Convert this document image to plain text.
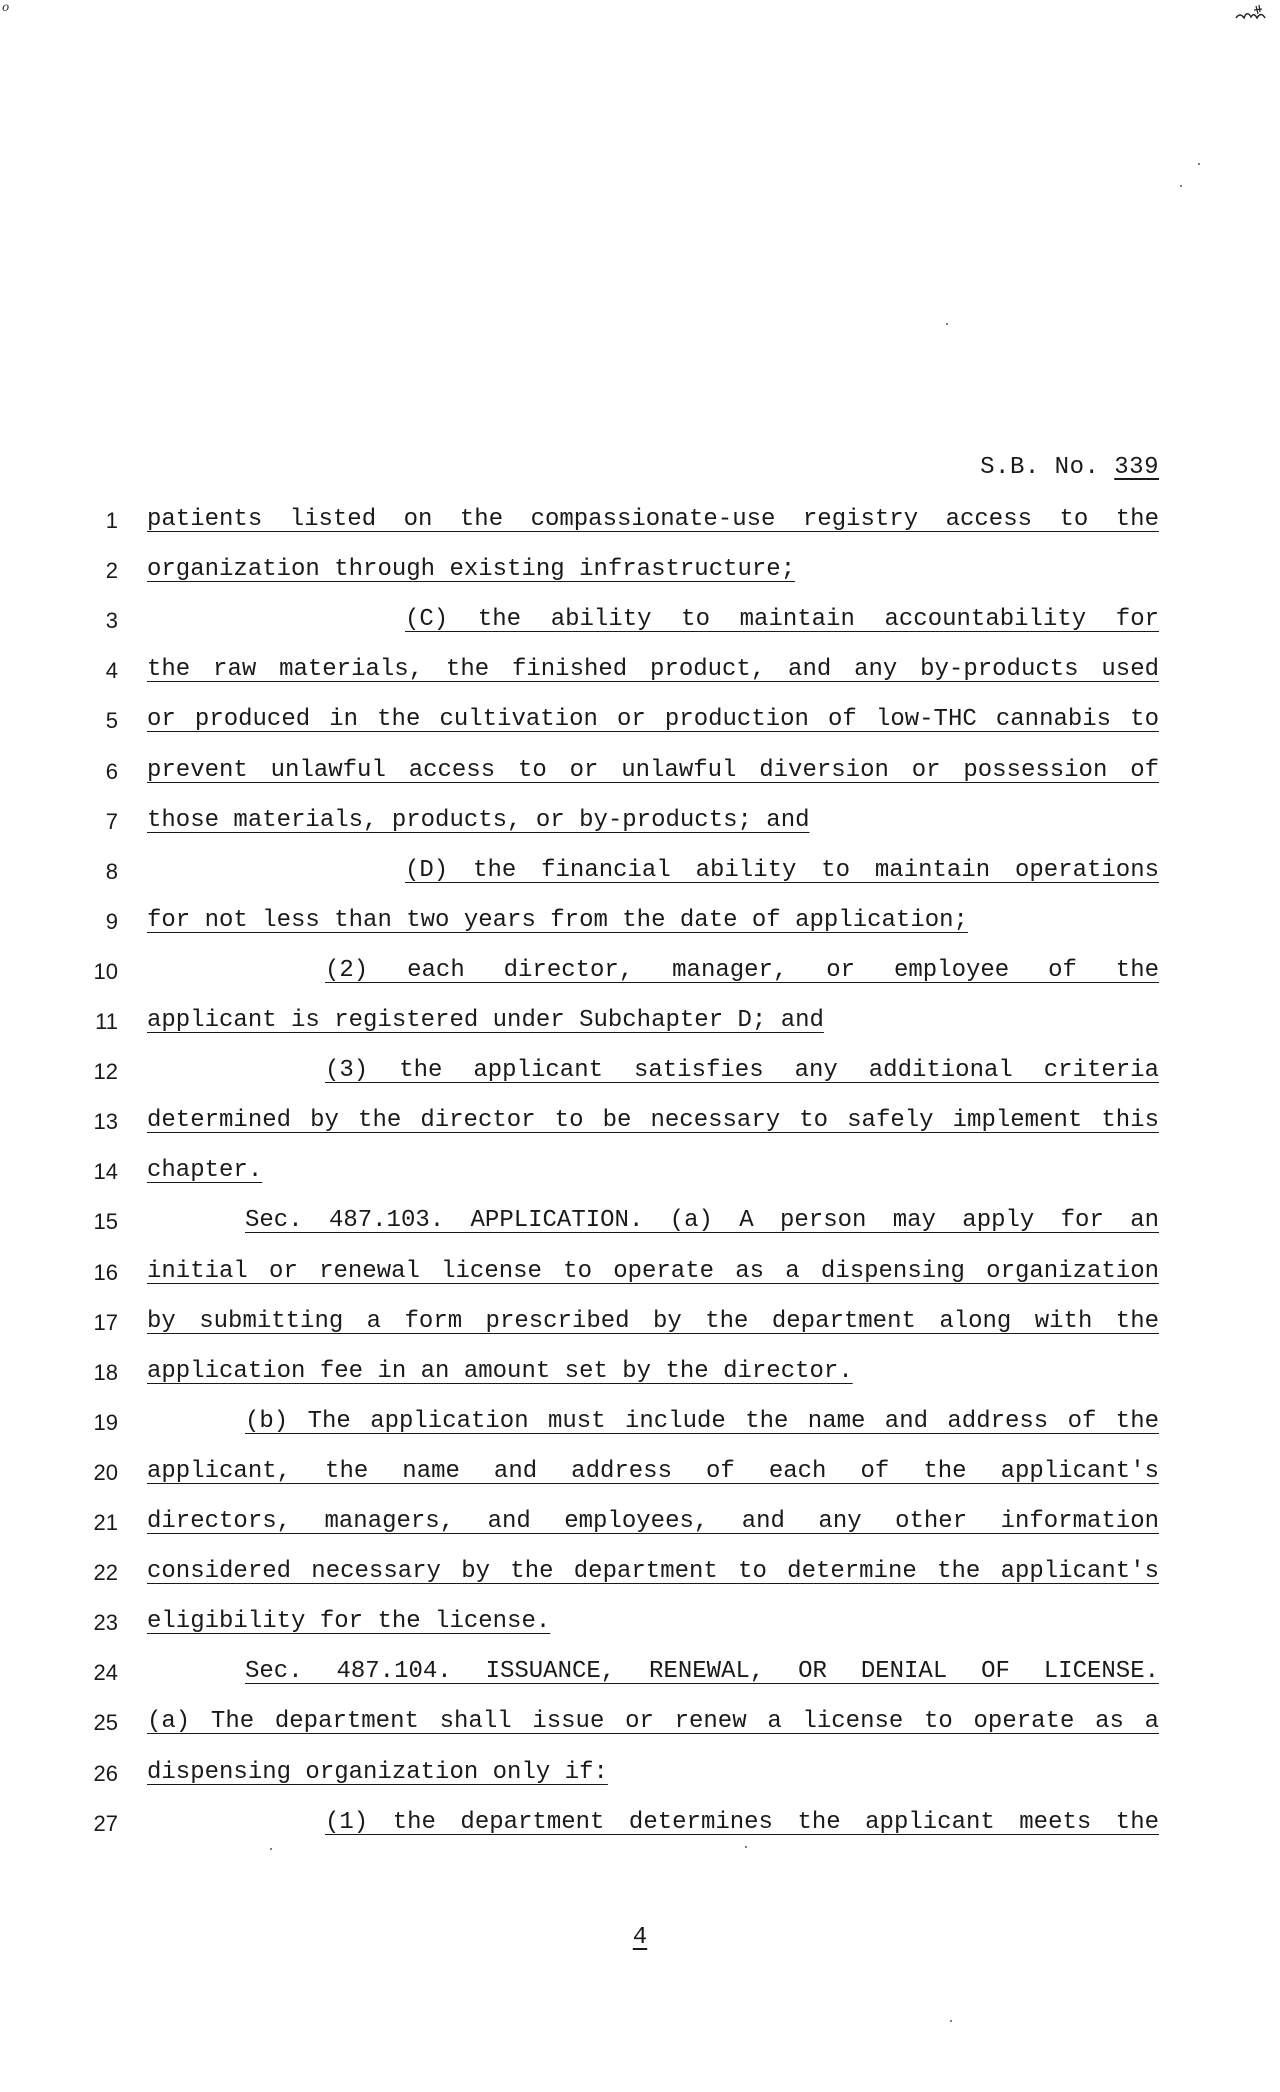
o
S.B. No. 339
1 patients listed on the compassionate-use registry access to the
2 organization through existing infrastructure;
3	(C) the ability to maintain accountability for
4 the raw materials, the finished product, and any by-products used
5 or produced in the cultivation or production of low-THC cannabis to
6 prevent unlawful access to or unlawful diversion or possession of
7 those materials, products, or by-products; and
8	(D) the financial ability to maintain operations
9 for not less than two years from the date of application;
10	(2) each director, manager, or employee of the
11 applicant is registered under Subchapter D; and
12	(3) the applicant satisfies any additional criteria
13 determined by the director to be necessary to safely implement this
14 chapter.
15	Sec. 487.103. APPLICATION. (a) A person may apply for an
16 initial or renewal license to operate as a dispensing organization
17 by submitting a form prescribed by the department along with the
18 application fee in an amount set by the director.
19	(b) The application must include the name and address of the
20 applicant, the name and address of each of the applicant's
21 directors, managers, and employees, and any other information
22 considered necessary by the department to determine the applicant's
23 eligibility for the license.
24	Sec. 487.104. ISSUANCE, RENEWAL, OR DENIAL OF LICENSE.
25 (a) The department shall issue or renew a license to operate as a
26 dispensing organization only if:
27	(1) the department determines the applicant meets the
4
